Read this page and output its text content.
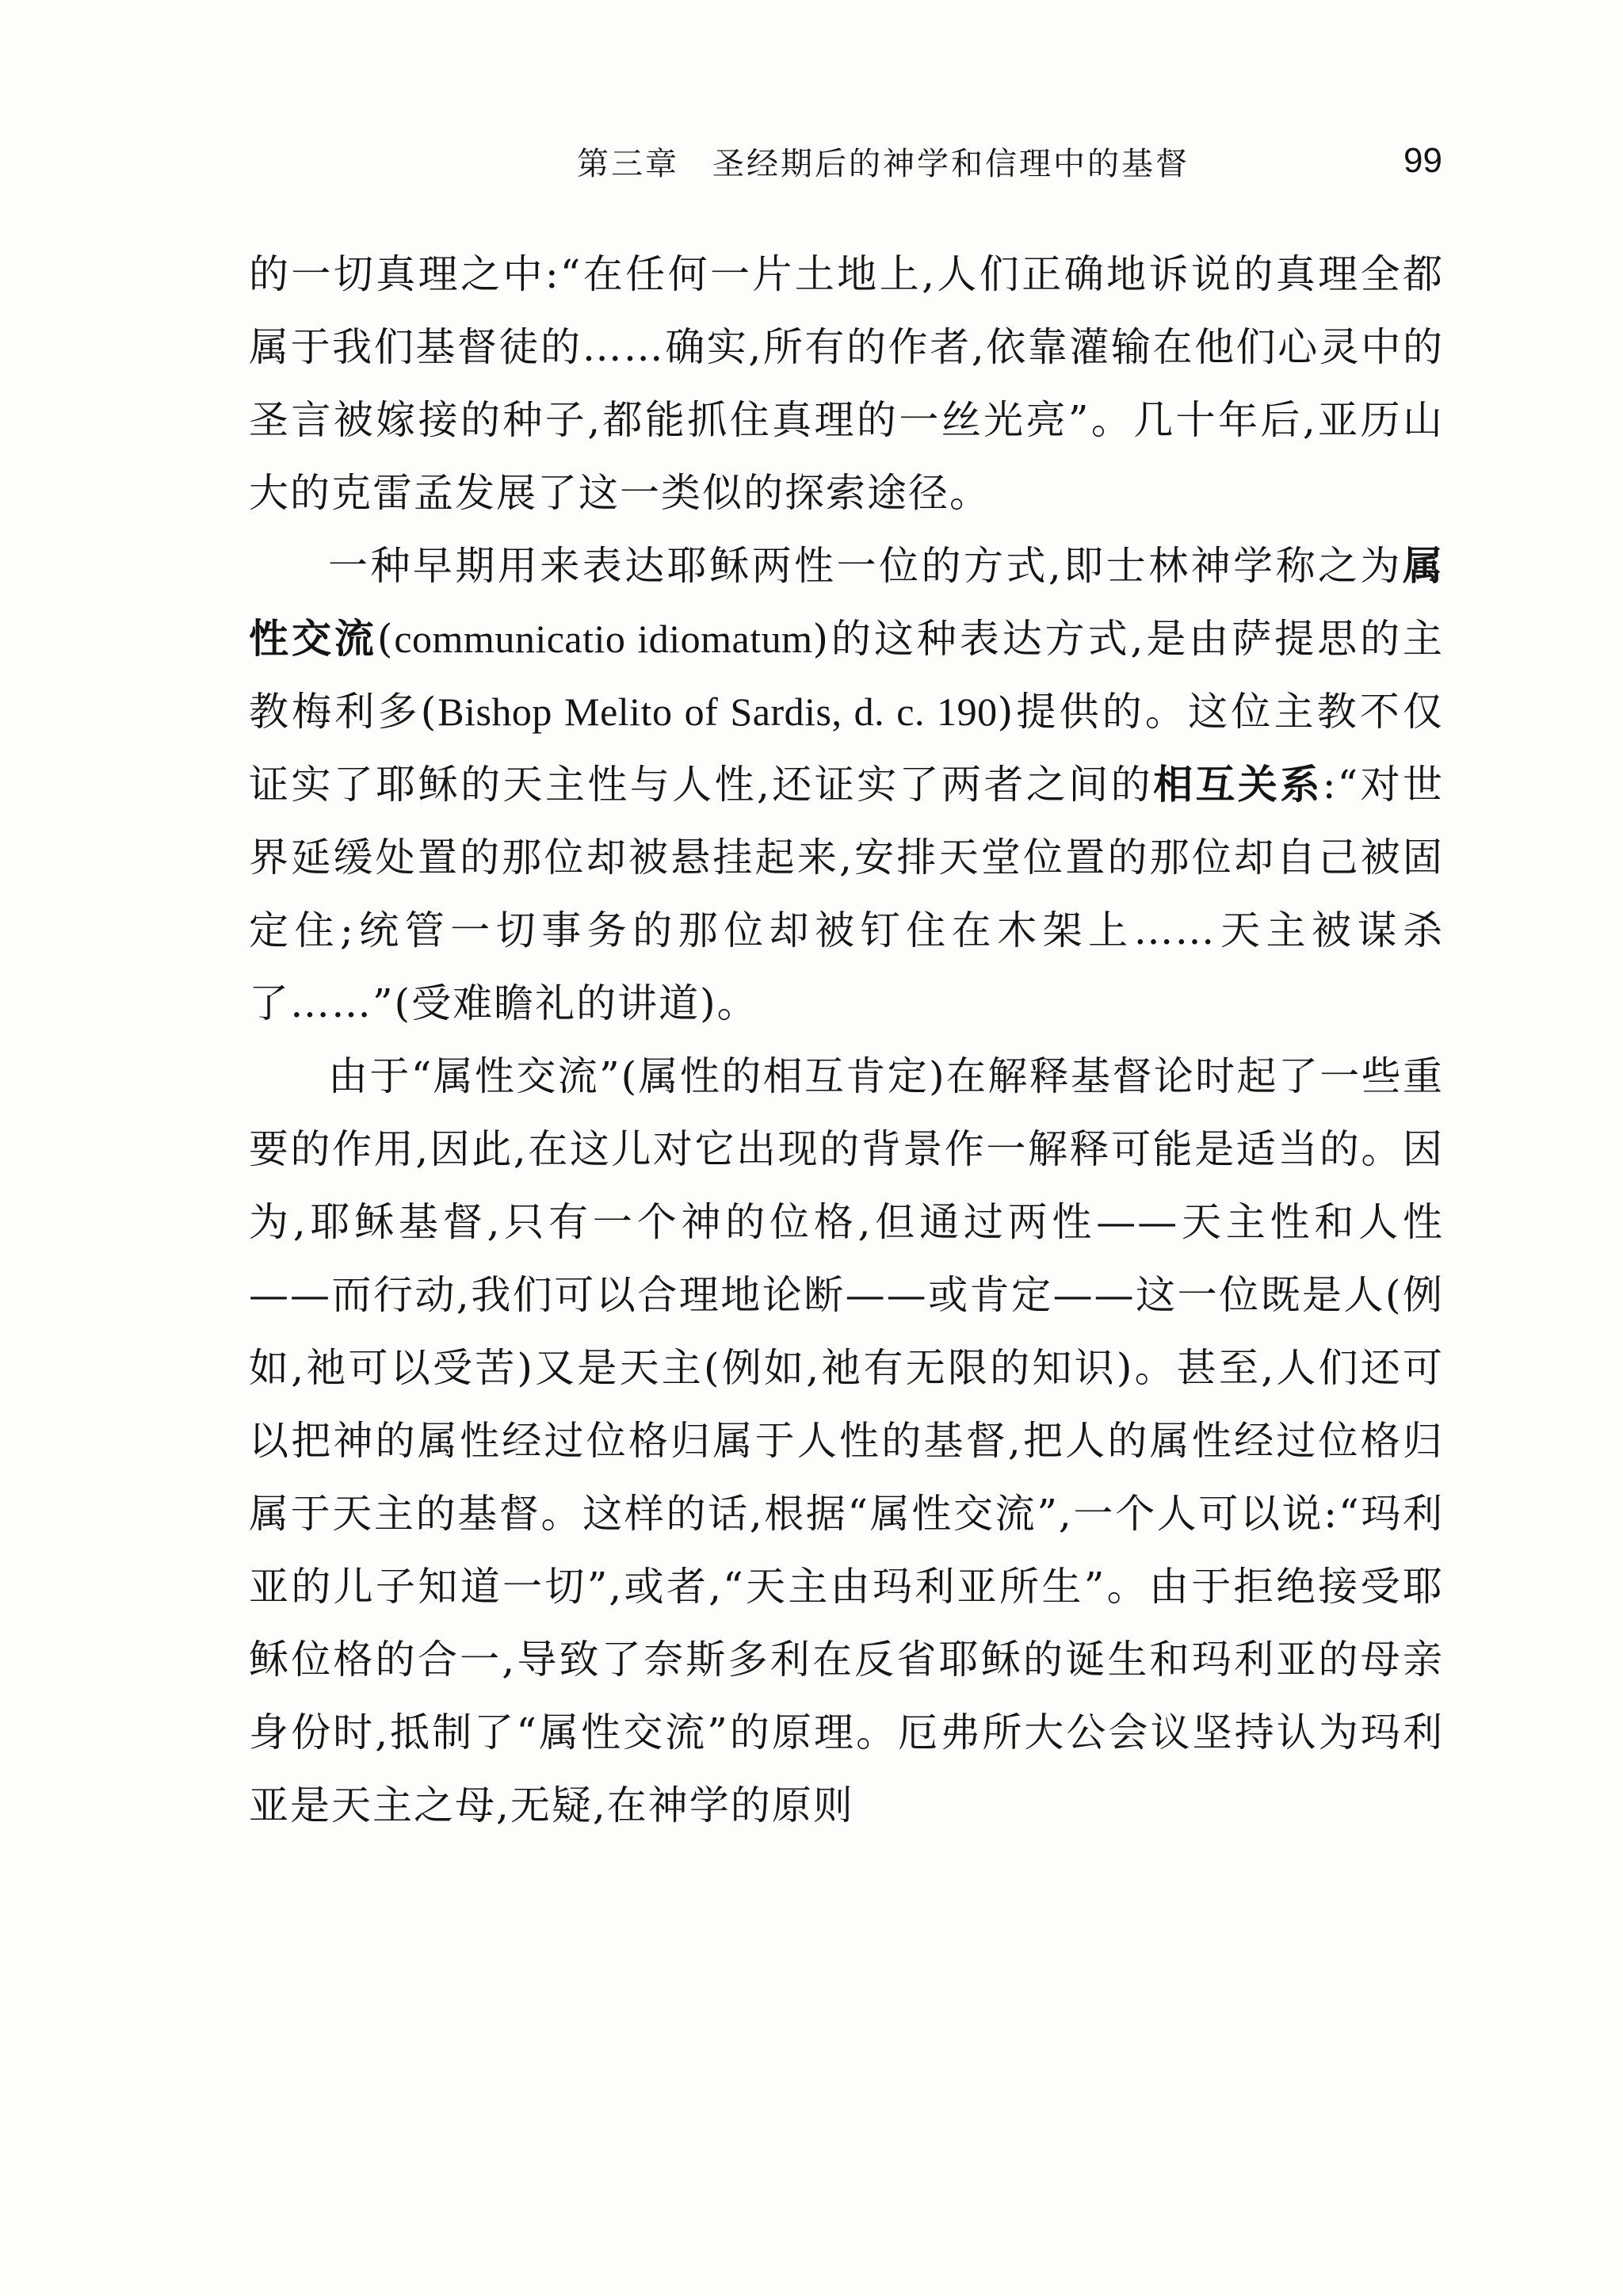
第三章 圣经期后的神学和信理中的基督	99

的一切真理之中:“在任何一片土地上,人们正确地诉说的真理全都属于我们基督徒的……确实,所有的作者,依靠灌输在他们心灵中的圣言被嫁接的种子,都能抓住真理的一丝光亮”。几十年后,亚历山大的克雷孟发展了这一类似的探索途径。

一种早期用来表达耶稣两性一位的方式,即士林神学称之为属性交流(communicatio idiomatum)的这种表达方式,是由萨提思的主教梅利多(Bishop Melito of Sardis, d. c. 190)提供的。这位主教不仅证实了耶稣的天主性与人性,还证实了两者之间的相互关系:“对世界延缓处置的那位却被悬挂起来,安排天堂位置的那位却自己被固定住;统管一切事务的那位却被钉住在木架上……天主被谋杀了……”(受难瞻礼的讲道)。

由于“属性交流”(属性的相互肯定)在解释基督论时起了一些重要的作用,因此,在这儿对它出现的背景作一解释可能是适当的。因为,耶稣基督,只有一个神的位格,但通过两性——天主性和人性——而行动,我们可以合理地论断——或肯定——这一位既是人(例如,祂可以受苦)又是天主(例如,祂有无限的知识)。甚至,人们还可以把神的属性经过位格归属于人性的基督,把人的属性经过位格归属于天主的基督。这样的话,根据“属性交流”,一个人可以说:“玛利亚的儿子知道一切”,或者,“天主由玛利亚所生”。由于拒绝接受耶稣位格的合一,导致了奈斯多利在反省耶稣的诞生和玛利亚的母亲身份时,抵制了“属性交流”的原理。厄弗所大公会议坚持认为玛利亚是天主之母,无疑,在神学的原则
